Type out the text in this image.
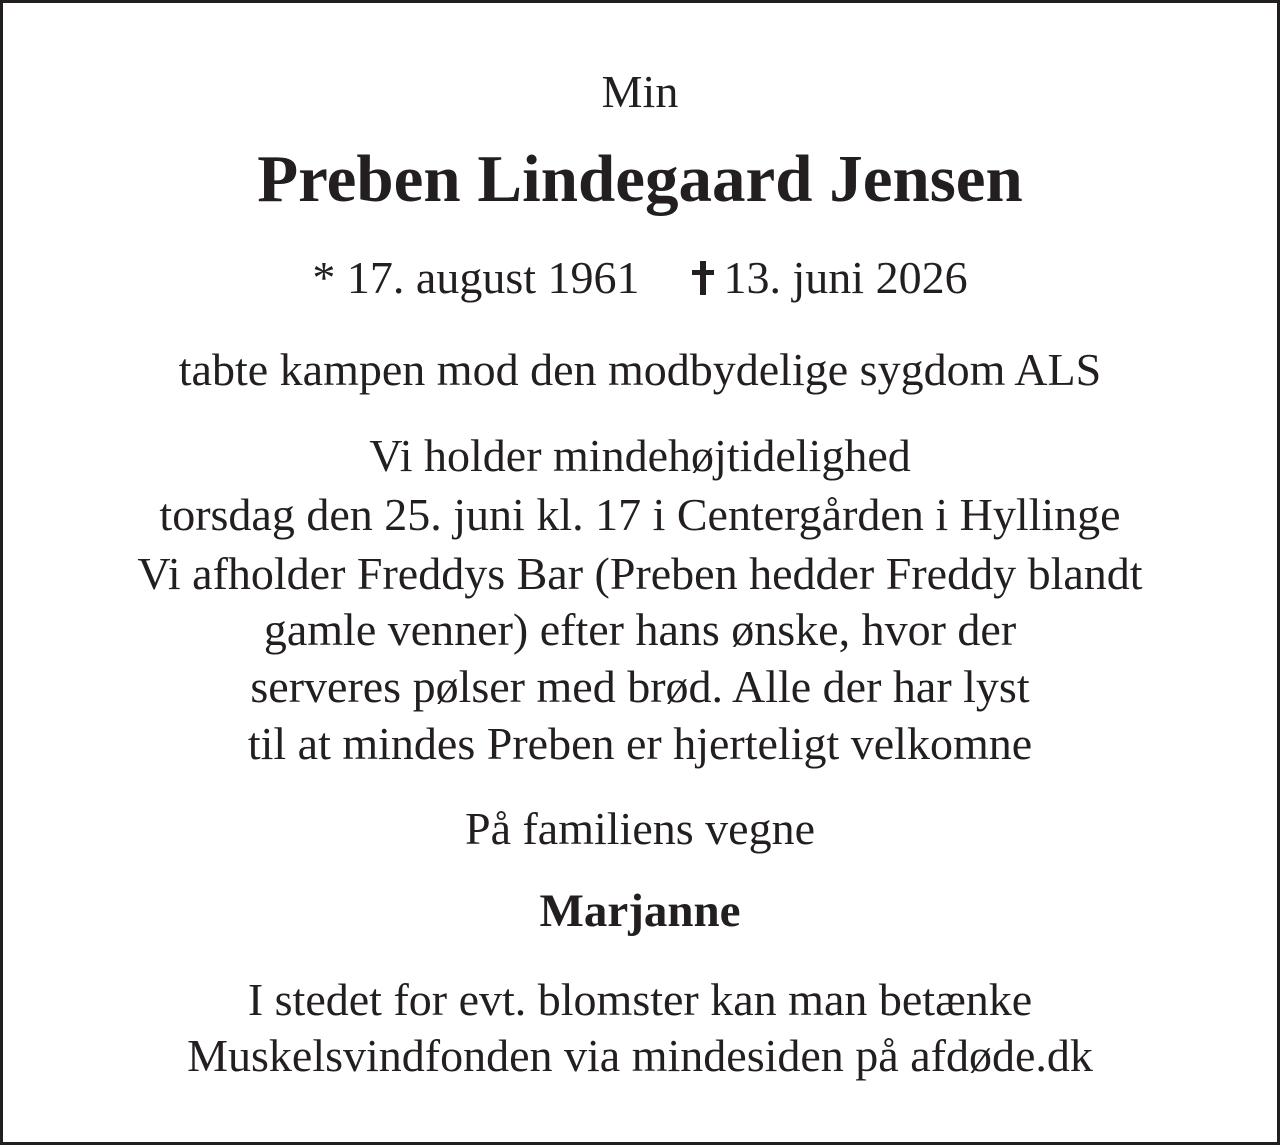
Min
Preben Lindegaard Jensen
* 17. august 1961 13. juni 2026
tabte kampen mod den modbydelige sygdom ALS
Vi holder mindehøjtidelighed
torsdag den 25. juni kl. 17 i Centergården i Hyllinge
Vi afholder Freddys Bar (Preben hedder Freddy blandt
gamle venner) efter hans ønske, hvor der
serveres pølser med brød. Alle der har lyst
til at mindes Preben er hjerteligt velkomne
På familiens vegne
Marjanne
I stedet for evt. blomster kan man betænke
Muskelsvindfonden via mindesiden på afdøde.dk
